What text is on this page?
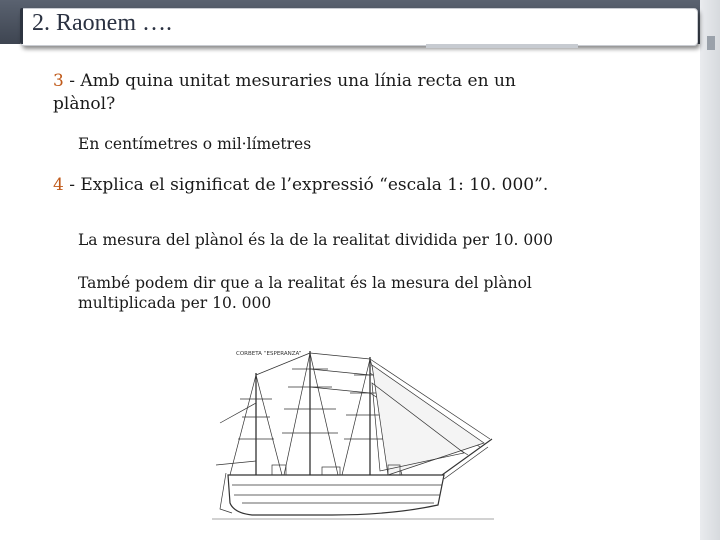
2. Raonem ….
3 - Amb quina unitat mesuraries una línia recta en un
plànol?
En centímetres o mil·límetres
4 - Explica el significat de l’expressió “escala 1: 10. 000”.
La mesura del plànol és la de la realitat dividida per 10. 000
També podem dir que a la realitat és la mesura del plànol
multiplicada per 10. 000
CORBETA “ESPERANZA”
